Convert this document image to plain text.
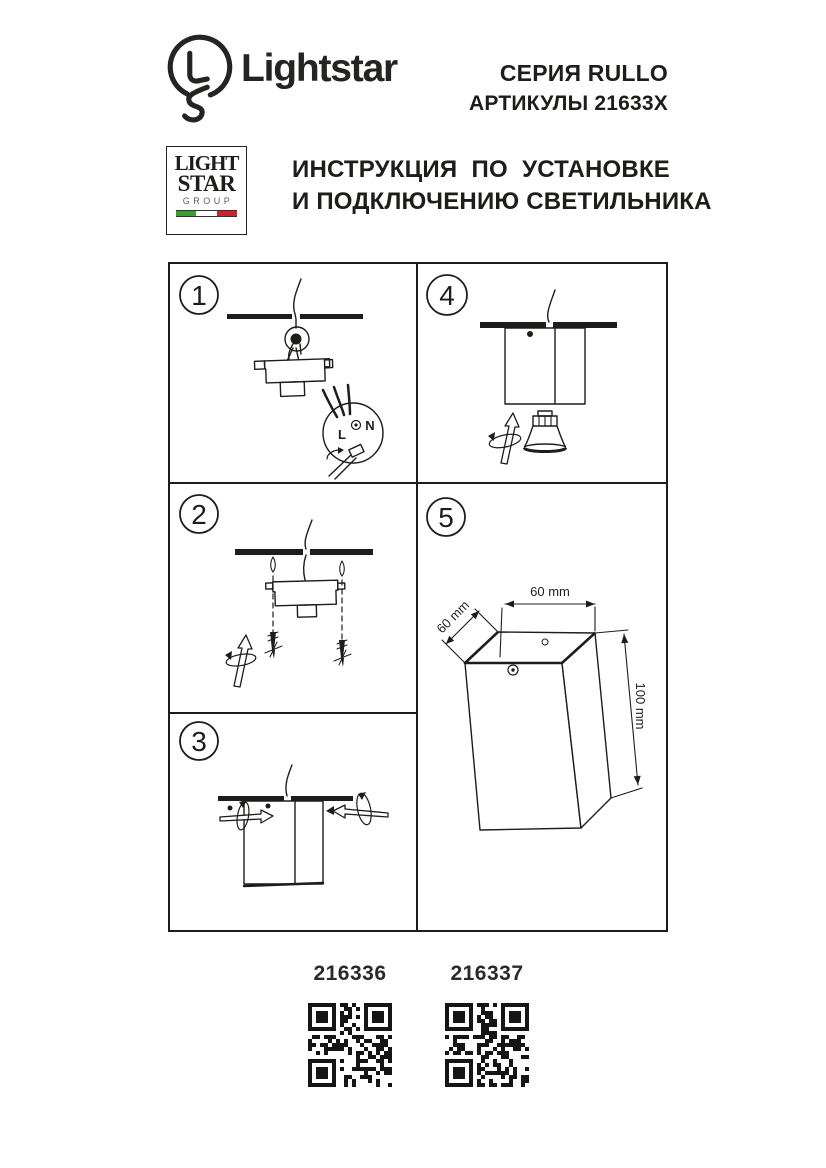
Lightstar	СЕРИЯ RULLO
АРТИКУЛЫ 21633X
LIGHT
STAR
GROUP
ИНСТРУКЦИЯ ПО УСТАНОВКЕ
И ПОДКЛЮЧЕНИЮ СВЕТИЛЬНИКА
1
L
N
2
3
4
5
60 mm
60 mm
100 mm
216336	216337
